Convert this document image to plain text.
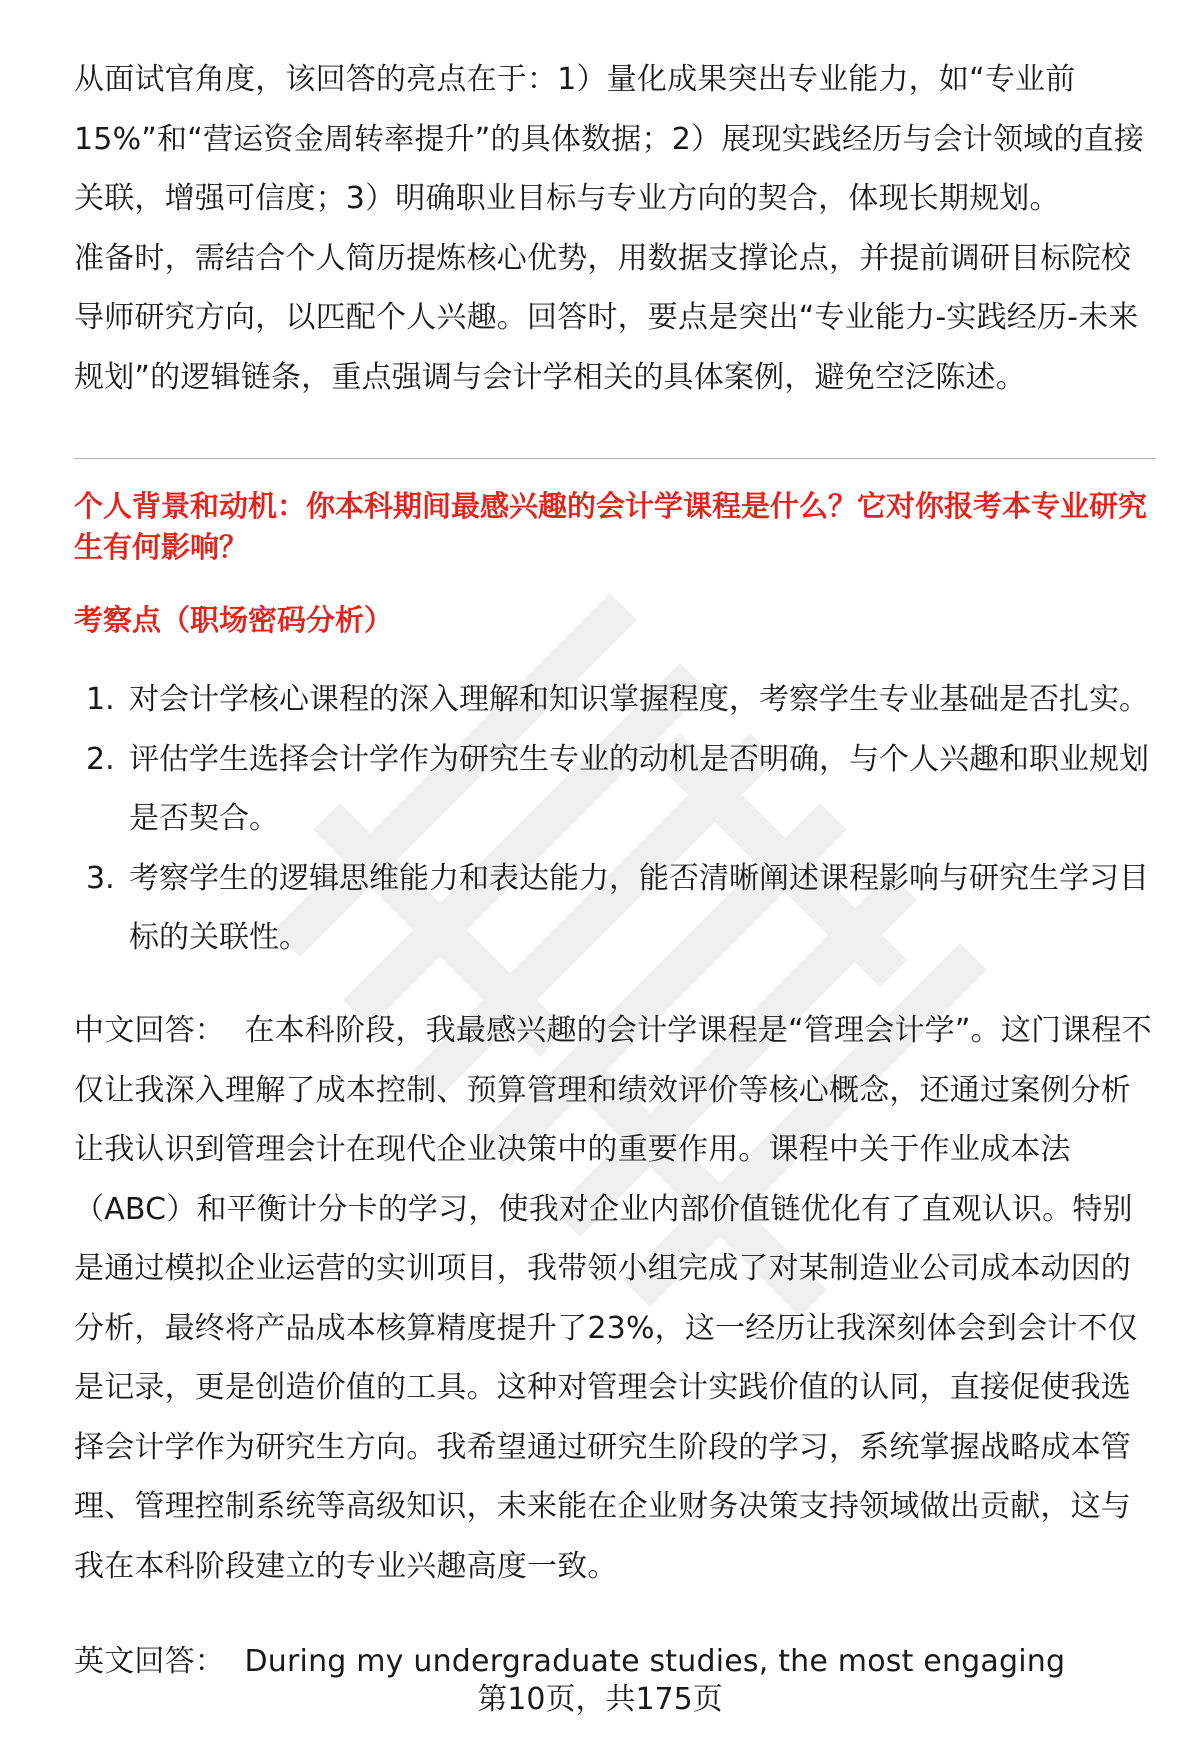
从面试官角度，该回答的亮点在于：1）量化成果突出专业能力，如“专业前15%”和“营运资金周转率提升”的具体数据；2）展现实践经历与会计领域的直接关联，增强可信度；3）明确职业目标与专业方向的契合，体现长期规划。

准备时，需结合个人简历提炼核心优势，用数据支撑论点，并提前调研目标院校导师研究方向，以匹配个人兴趣。回答时，要点是突出“专业能力-实践经历-未来规划”的逻辑链条，重点强调与会计学相关的具体案例，避免空泛陈述。

个人背景和动机：你本科期间最感兴趣的会计学课程是什么？它对你报考本专业研究生有何影响？

考察点（职场密码分析）

1. 对会计学核心课程的深入理解和知识掌握程度，考察学生专业基础是否扎实。
2. 评估学生选择会计学作为研究生专业的动机是否明确，与个人兴趣和职业规划是否契合。
3. 考察学生的逻辑思维能力和表达能力，能否清晰阐述课程影响与研究生学习目标的关联性。

中文回答： 在本科阶段，我最感兴趣的会计学课程是“管理会计学”。这门课程不仅让我深入理解了成本控制、预算管理和绩效评价等核心概念，还通过案例分析让我认识到管理会计在现代企业决策中的重要作用。课程中关于作业成本法（ABC）和平衡计分卡的学习，使我对企业内部价值链优化有了直观认识。特别是通过模拟企业运营的实训项目，我带领小组完成了对某制造业公司成本动因的分析，最终将产品成本核算精度提升了23%，这一经历让我深刻体会到会计不仅是记录，更是创造价值的工具。这种对管理会计实践价值的认同，直接促使我选择会计学作为研究生方向。我希望通过研究生阶段的学习，系统掌握战略成本管理、管理控制系统等高级知识，未来能在企业财务决策支持领域做出贡献，这与我在本科阶段建立的专业兴趣高度一致。

英文回答： During my undergraduate studies, the most engaging

第10页，共175页
